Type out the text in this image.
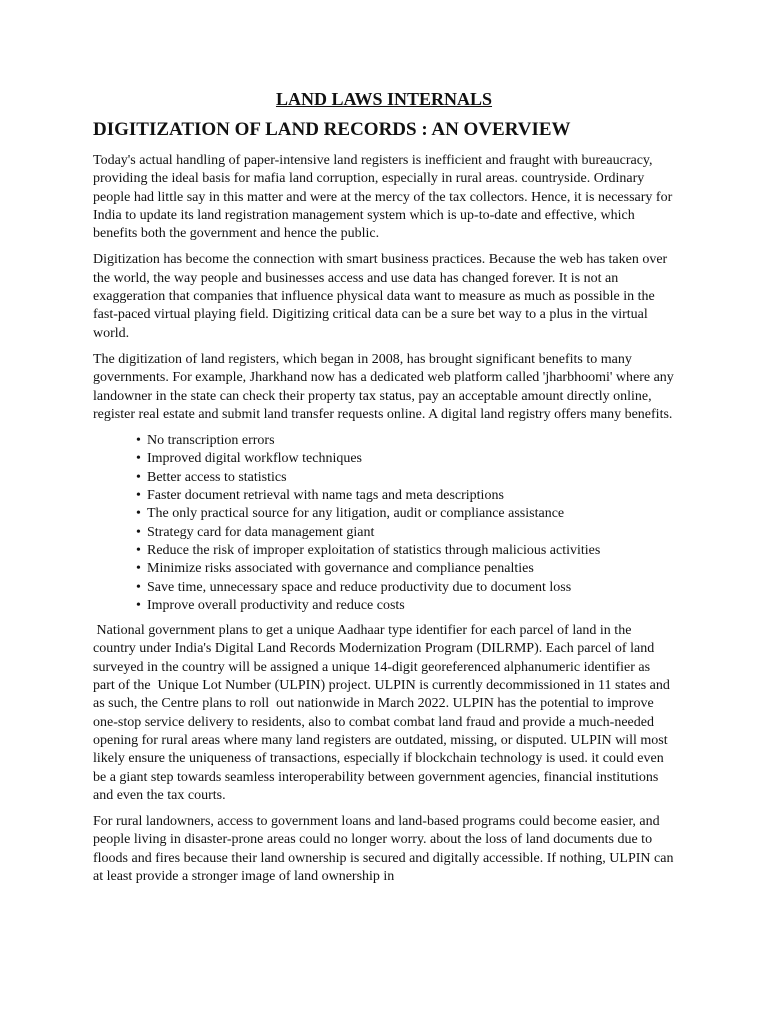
LAND LAWS INTERNALS
DIGITIZATION OF LAND RECORDS : AN OVERVIEW

Today's actual handling of paper-intensive land registers is inefficient and fraught with bureaucracy, providing the ideal basis for mafia land corruption, especially in rural areas. countryside. Ordinary people had little say in this matter and were at the mercy of the tax collectors. Hence, it is necessary for India to update its land registration management system which is up-to-date and effective, which benefits both the government and hence the public.

Digitization has become the connection with smart business practices. Because the web has taken over the world, the way people and businesses access and use data has changed forever. It is not an exaggeration that companies that influence physical data want to measure as much as possible in the fast-paced virtual playing field. Digitizing critical data can be a sure bet way to a plus in the virtual world.

The digitization of land registers, which began in 2008, has brought significant benefits to many governments. For example, Jharkhand now has a dedicated web platform called 'jharbhoomi' where any landowner in the state can check their property tax status, pay an acceptable amount directly online, register real estate and submit land transfer requests online. A digital land registry offers many benefits.

• No transcription errors
• Improved digital workflow techniques
• Better access to statistics
• Faster document retrieval with name tags and meta descriptions
• The only practical source for any litigation, audit or compliance assistance
• Strategy card for data management giant
• Reduce the risk of improper exploitation of statistics through malicious activities
• Minimize risks associated with governance and compliance penalties
• Save time, unnecessary space and reduce productivity due to document loss
• Improve overall productivity and reduce costs

National government plans to get a unique Aadhaar type identifier for each parcel of land in the country under India's Digital Land Records Modernization Program (DILRMP). Each parcel of land surveyed in the country will be assigned a unique 14-digit georeferenced alphanumeric identifier as  part of the  Unique Lot Number (ULPIN) project. ULPIN is currently decommissioned in 11 states and as such, the Centre plans to roll  out nationwide in March 2022. ULPIN has the potential to improve one-stop service delivery to residents, also to combat combat land fraud and provide a much-needed opening for rural areas where many land registers are outdated, missing, or disputed. ULPIN will most likely ensure the uniqueness of transactions, especially if blockchain technology is used. it could even be a giant step towards seamless interoperability between government agencies, financial institutions and even the tax courts.

For rural landowners, access to government loans and land-based programs could become easier, and people living in disaster-prone areas could no longer worry. about the loss of land documents due to floods and fires because their land ownership is secured and digitally accessible. If nothing, ULPIN can at least provide a stronger image of land ownership in
